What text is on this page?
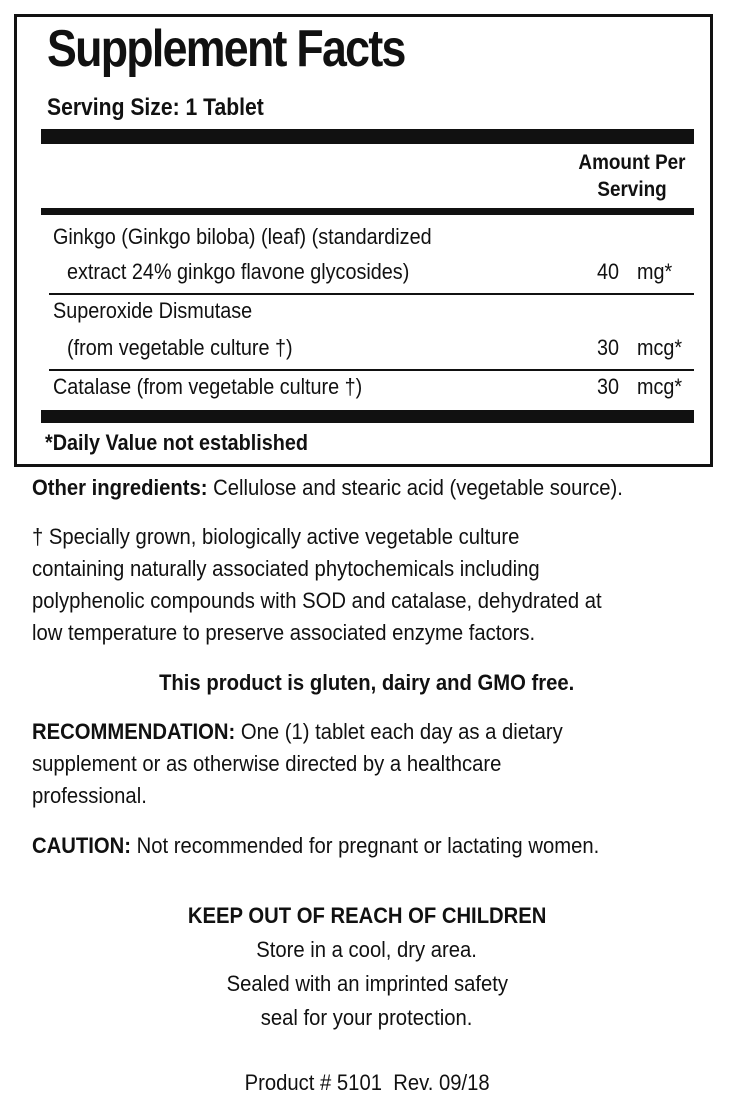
Supplement Facts
Serving Size: 1 Tablet
Amount Per
Serving
Ginkgo (Ginkgo biloba) (leaf) (standardized
extract 24% ginkgo flavone glycosides)	40 mg*
Superoxide Dismutase
(from vegetable culture †)	30 mcg*
Catalase (from vegetable culture †)	30 mcg*
*Daily Value not established
Other ingredients: Cellulose and stearic acid (vegetable source).
† Specially grown, biologically active vegetable culture
containing naturally associated phytochemicals including
polyphenolic compounds with SOD and catalase, dehydrated at
low temperature to preserve associated enzyme factors.
This product is gluten, dairy and GMO free.
RECOMMENDATION: One (1) tablet each day as a dietary
supplement or as otherwise directed by a healthcare
professional.
CAUTION: Not recommended for pregnant or lactating women.
KEEP OUT OF REACH OF CHILDREN
Store in a cool, dry area.
Sealed with an imprinted safety
seal for your protection.
Product # 5101  Rev. 09/18
